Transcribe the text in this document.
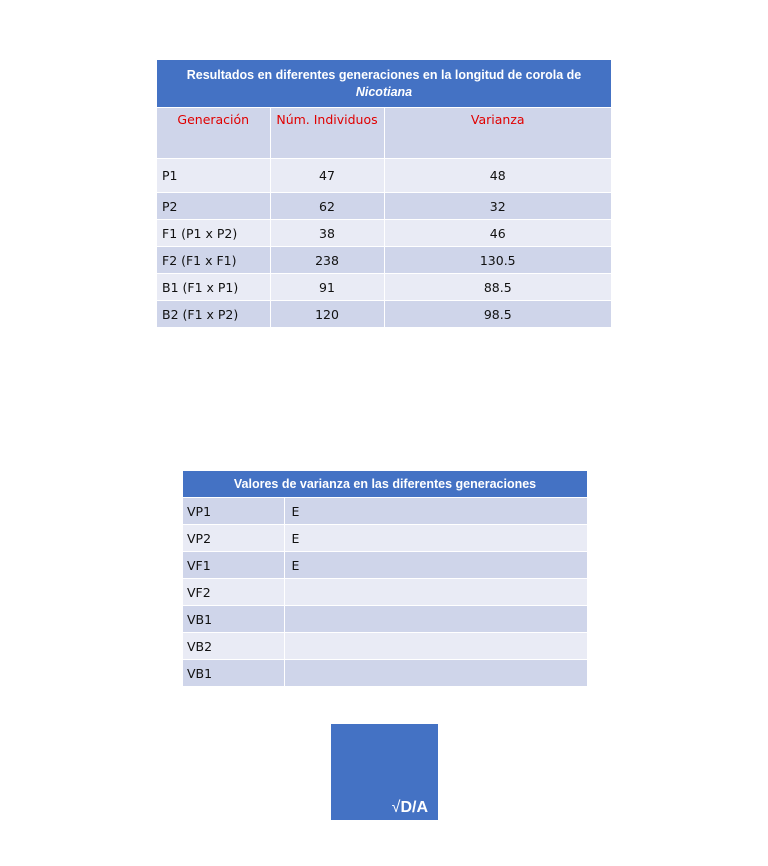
Resultados en diferentes generaciones en la longitud de corola de
Nicotiana		

Generación	Núm. Individuos	Varianza
P1	47	48
P2	62	32
F1 (P1 x P2)	38	46
F2 (F1 x F1)	238	130.5
B1 (F1 x P1)	91	88.5
B2 (F1 x P2)	120	98.5
Valores de varianza en las diferentes generaciones	
VP1	E
VP2	E
VF1	E
VF2	
VB1	
VB2	
VB1	
√D/A
